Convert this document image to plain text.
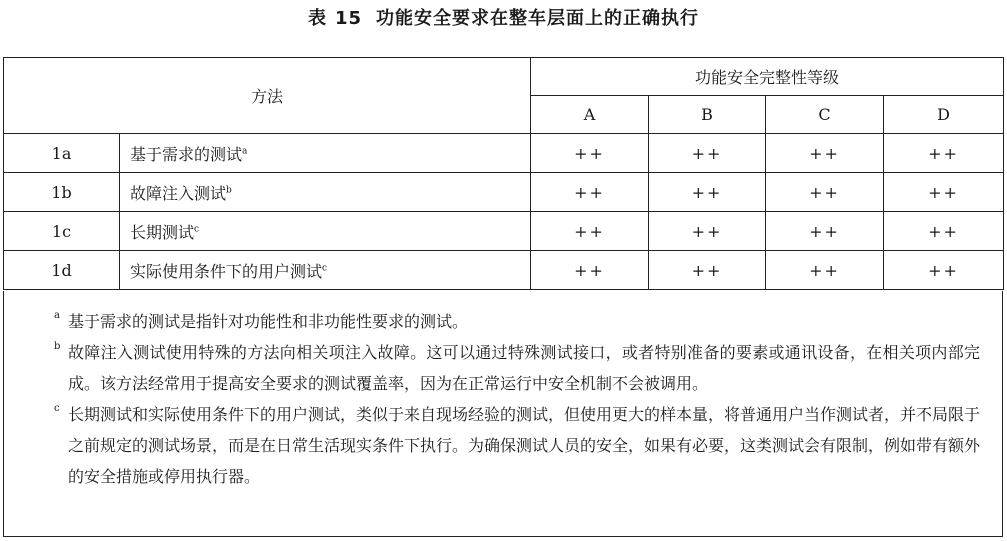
表 15 功能安全要求在整车层面上的正确执行
方法		功能安全完整性等级			
		A	B	C	D
1a	基于需求的测试$^a$	++	++	++	++
1b	故障注入测试$^b$	++	++	++	++
1c	长期测试$^c$	++	++	++	++
1d	实际使用条件下的用户测试$^c$	++	++	++	++
a 基于需求的测试是指针对功能性和非功能性要求的测试。
b 故障注入测试使用特殊的方法向相关项注入故障。这可以通过特殊测试接口，或者特别准备的要素或通讯设备，在相关项内部完成。该方法经常用于提高安全要求的测试覆盖率，因为在正常运行中安全机制不会被调用。
c 长期测试和实际使用条件下的用户测试，类似于来自现场经验的测试，但使用更大的样本量，将普通用户当作测试者，并不局限于之前规定的测试场景，而是在日常生活现实条件下执行。为确保测试人员的安全，如果有必要，这类测试会有限制，例如带有额外的安全措施或停用执行器。
